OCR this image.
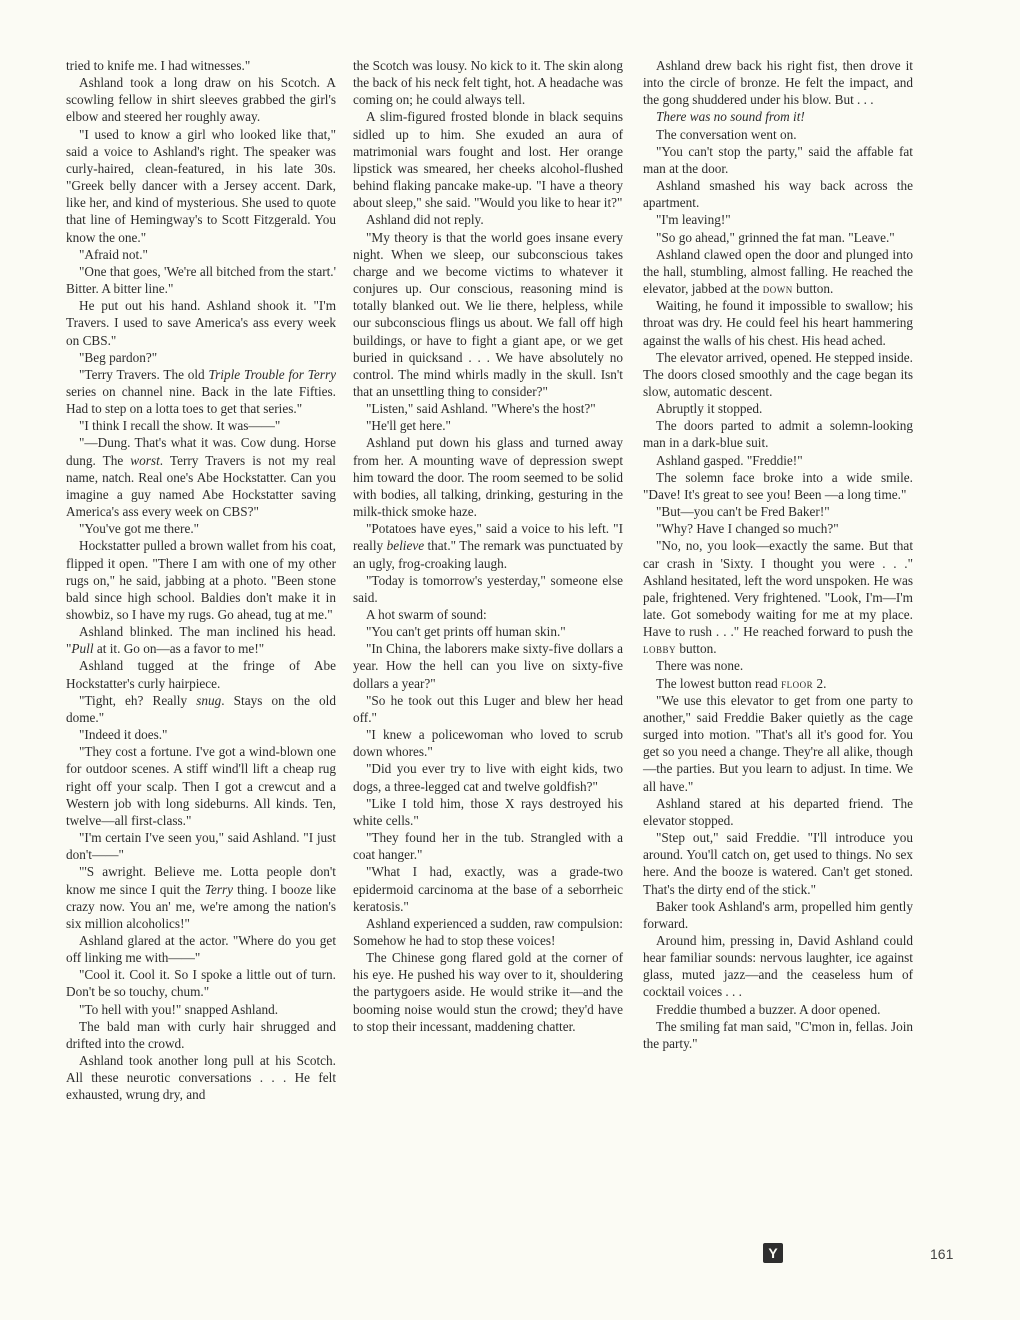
tried to knife me. I had witnesses."

Ashland took a long draw on his Scotch. A scowling fellow in shirt sleeves grabbed the girl's elbow and steered her roughly away.

"I used to know a girl who looked like that," said a voice to Ashland's right. The speaker was curly-haired, clean-featured, in his late 30s. "Greek belly dancer with a Jersey accent. Dark, like her, and kind of mysterious. She used to quote that line of Hemingway's to Scott Fitzgerald. You know the one."

"Afraid not."

"One that goes, 'We're all bitched from the start.' Bitter. A bitter line."

He put out his hand. Ashland shook it. "I'm Travers. I used to save America's ass every week on CBS."

"Beg pardon?"

"Terry Travers. The old Triple Trouble for Terry series on channel nine. Back in the late Fifties. Had to step on a lotta toes to get that series."

"I think I recall the show. It was——"

"—Dung. That's what it was. Cow dung. Horse dung. The worst. Terry Travers is not my real name, natch. Real one's Abe Hockstatter. Can you imagine a guy named Abe Hockstatter saving America's ass every week on CBS?"

"You've got me there."

Hockstatter pulled a brown wallet from his coat, flipped it open. "There I am with one of my other rugs on," he said, jabbing at a photo. "Been stone bald since high school. Baldies don't make it in showbiz, so I have my rugs. Go ahead, tug at me."

Ashland blinked. The man inclined his head. "Pull at it. Go on—as a favor to me!"

Ashland tugged at the fringe of Abe Hockstatter's curly hairpiece.

"Tight, eh? Really snug. Stays on the old dome."

"Indeed it does."

"They cost a fortune. I've got a wind-blown one for outdoor scenes. A stiff wind'll lift a cheap rug right off your scalp. Then I got a crewcut and a Western job with long sideburns. All kinds. Ten, twelve—all first-class."

"I'm certain I've seen you," said Ashland. "I just don't——"

"'S awright. Believe me. Lotta people don't know me since I quit the Terry thing. I booze like crazy now. You an' me, we're among the nation's six million alcoholics!"

Ashland glared at the actor. "Where do you get off linking me with——"

"Cool it. Cool it. So I spoke a little out of turn. Don't be so touchy, chum."

"To hell with you!" snapped Ashland.

The bald man with curly hair shrugged and drifted into the crowd.

Ashland took another long pull at his Scotch. All these neurotic conversations . . . He felt exhausted, wrung dry, and

the Scotch was lousy. No kick to it. The skin along the back of his neck felt tight, hot. A headache was coming on; he could always tell.

A slim-figured frosted blonde in black sequins sidled up to him. She exuded an aura of matrimonial wars fought and lost. Her orange lipstick was smeared, her cheeks alcohol-flushed behind flaking pancake make-up. "I have a theory about sleep," she said. "Would you like to hear it?"

Ashland did not reply.

"My theory is that the world goes insane every night. When we sleep, our subconscious takes charge and we become victims to whatever it conjures up. Our conscious, reasoning mind is totally blanked out. We lie there, helpless, while our subconscious flings us about. We fall off high buildings, or have to fight a giant ape, or we get buried in quicksand . . . We have absolutely no control. The mind whirls madly in the skull. Isn't that an unsettling thing to consider?"

"Listen," said Ashland. "Where's the host?"

"He'll get here."

Ashland put down his glass and turned away from her. A mounting wave of depression swept him toward the door. The room seemed to be solid with bodies, all talking, drinking, gesturing in the milk-thick smoke haze.

"Potatoes have eyes," said a voice to his left. "I really believe that." The remark was punctuated by an ugly, frog-croaking laugh.

"Today is tomorrow's yesterday," someone else said.

A hot swarm of sound:

"You can't get prints off human skin."

"In China, the laborers make sixty-five dollars a year. How the hell can you live on sixty-five dollars a year?"

"So he took out this Luger and blew her head off."

"I knew a policewoman who loved to scrub down whores."

"Did you ever try to live with eight kids, two dogs, a three-legged cat and twelve goldfish?"

"Like I told him, those X rays destroyed his white cells."

"They found her in the tub. Strangled with a coat hanger."

"What I had, exactly, was a grade-two epidermoid carcinoma at the base of a seborrheic keratosis."

Ashland experienced a sudden, raw compulsion: Somehow he had to stop these voices!

The Chinese gong flared gold at the corner of his eye. He pushed his way over to it, shouldering the partygoers aside. He would strike it—and the booming noise would stun the crowd; they'd have to stop their incessant, maddening chatter.

Ashland drew back his right fist, then drove it into the circle of bronze. He felt the impact, and the gong shuddered under his blow. But . . .

There was no sound from it!

The conversation went on.

"You can't stop the party," said the affable fat man at the door.

Ashland smashed his way back across the apartment.

"I'm leaving!"

"So go ahead," grinned the fat man. "Leave."

Ashland clawed open the door and plunged into the hall, stumbling, almost falling. He reached the elevator, jabbed at the down button.

Waiting, he found it impossible to swallow; his throat was dry. He could feel his heart hammering against the walls of his chest. His head ached.

The elevator arrived, opened. He stepped inside. The doors closed smoothly and the cage began its slow, automatic descent.

Abruptly it stopped.

The doors parted to admit a solemn-looking man in a dark-blue suit.

Ashland gasped. "Freddie!"

The solemn face broke into a wide smile. "Dave! It's great to see you! Been —a long time."

"But—you can't be Fred Baker!"

"Why? Have I changed so much?"

"No, no, you look—exactly the same. But that car crash in 'Sixty. I thought you were . . ." Ashland hesitated, left the word unspoken. He was pale, frightened. Very frightened. "Look, I'm—I'm late. Got somebody waiting for me at my place. Have to rush . . ." He reached forward to push the lobby button.

There was none.

The lowest button read floor 2.

"We use this elevator to get from one party to another," said Freddie Baker quietly as the cage surged into motion. "That's all it's good for. You get so you need a change. They're all alike, though —the parties. But you learn to adjust. In time. We all have."

Ashland stared at his departed friend. The elevator stopped.

"Step out," said Freddie. "I'll introduce you around. You'll catch on, get used to things. No sex here. And the booze is watered. Can't get stoned. That's the dirty end of the stick."

Baker took Ashland's arm, propelled him gently forward.

Around him, pressing in, David Ashland could hear familiar sounds: nervous laughter, ice against glass, muted jazz—and the ceaseless hum of cocktail voices . . .

Freddie thumbed a buzzer. A door opened.

The smiling fat man said, "C'mon in, fellas. Join the party."

Y	161
